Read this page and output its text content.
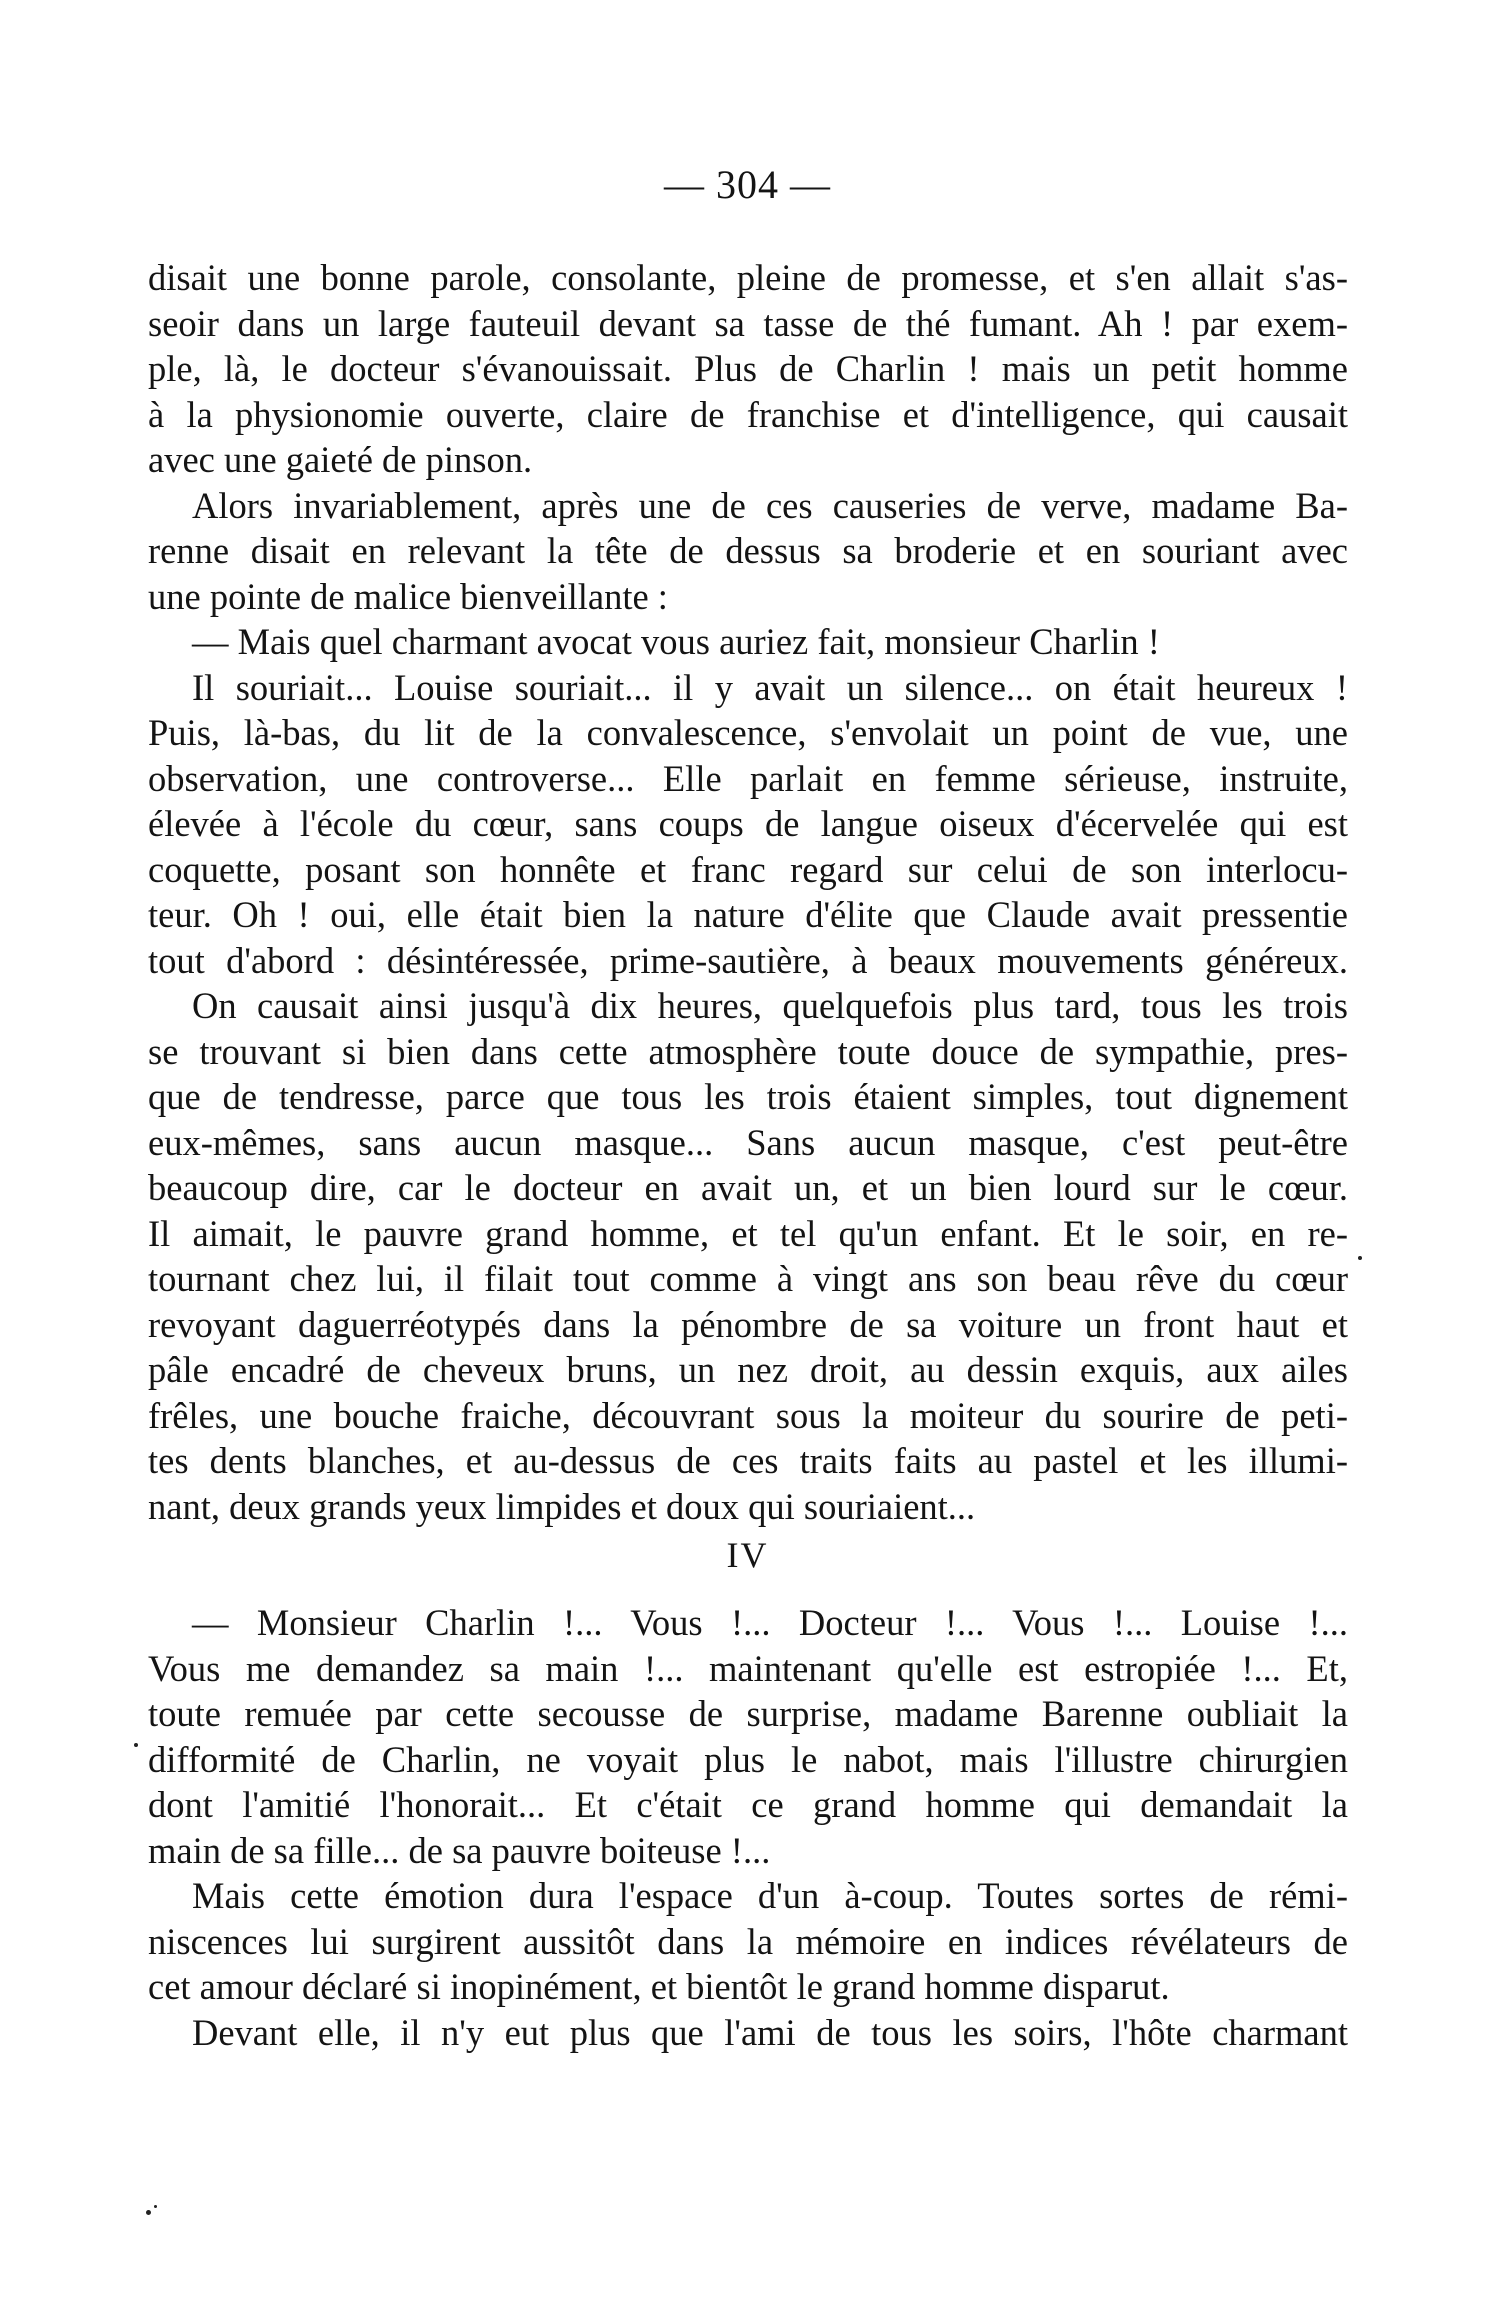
— 304 —
disait une bonne parole, consolante, pleine de promesse, et s'en allait s'as-
seoir dans un large fauteuil devant sa tasse de thé fumant. Ah ! par exem-
ple, là, le docteur s'évanouissait. Plus de Charlin ! mais un petit homme
à la physionomie ouverte, claire de franchise et d'intelligence, qui causait
avec une gaieté de pinson.
Alors invariablement, après une de ces causeries de verve, madame Ba-
renne disait en relevant la tête de dessus sa broderie et en souriant avec
une pointe de malice bienveillante :
— Mais quel charmant avocat vous auriez fait, monsieur Charlin !
Il souriait... Louise souriait... il y avait un silence... on était heureux !
Puis, là-bas, du lit de la convalescence, s'envolait un point de vue, une
observation, une controverse... Elle parlait en femme sérieuse, instruite,
élevée à l'école du cœur, sans coups de langue oiseux d'écervelée qui est
coquette, posant son honnête et franc regard sur celui de son interlocu-
teur. Oh ! oui, elle était bien la nature d'élite que Claude avait pressentie
tout d'abord : désintéressée, prime-sautière, à beaux mouvements généreux.
On causait ainsi jusqu'à dix heures, quelquefois plus tard, tous les trois
se trouvant si bien dans cette atmosphère toute douce de sympathie, pres-
que de tendresse, parce que tous les trois étaient simples, tout dignement
eux-mêmes, sans aucun masque... Sans aucun masque, c'est peut-être
beaucoup dire, car le docteur en avait un, et un bien lourd sur le cœur.
Il aimait, le pauvre grand homme, et tel qu'un enfant. Et le soir, en re-
tournant chez lui, il filait tout comme à vingt ans son beau rêve du cœur
revoyant daguerréotypés dans la pénombre de sa voiture un front haut et
pâle encadré de cheveux bruns, un nez droit, au dessin exquis, aux ailes
frêles, une bouche fraiche, découvrant sous la moiteur du sourire de peti-
tes dents blanches, et au-dessus de ces traits faits au pastel et les illumi-
nant, deux grands yeux limpides et doux qui souriaient...
IV
— Monsieur Charlin !... Vous !... Docteur !... Vous !... Louise !...
Vous me demandez sa main !... maintenant qu'elle est estropiée !... Et,
toute remuée par cette secousse de surprise, madame Barenne oubliait la
difformité de Charlin, ne voyait plus le nabot, mais l'illustre chirurgien
dont l'amitié l'honorait... Et c'était ce grand homme qui demandait la
main de sa fille... de sa pauvre boiteuse !...
Mais cette émotion dura l'espace d'un à-coup. Toutes sortes de rémi-
niscences lui surgirent aussitôt dans la mémoire en indices révélateurs de
cet amour déclaré si inopinément, et bientôt le grand homme disparut.
Devant elle, il n'y eut plus que l'ami de tous les soirs, l'hôte charmant
